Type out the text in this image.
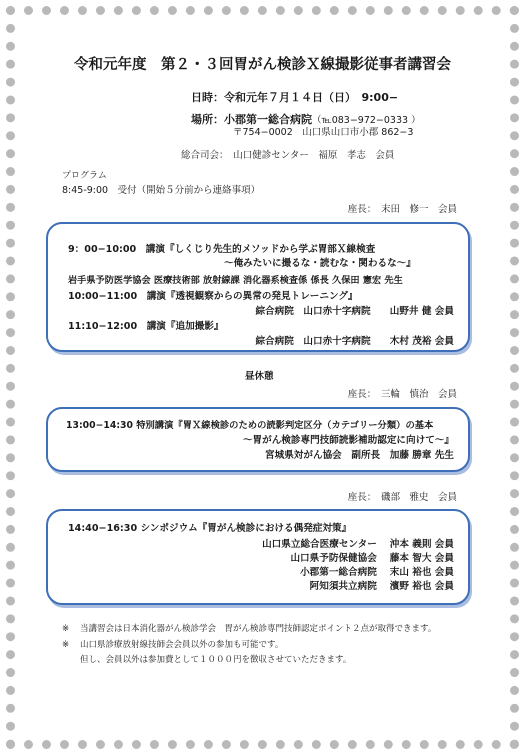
令和元年度　第２・３回胃がん検診Ｘ線撮影従事者講習会
日時：令和元年７月１４日（日）　9:00−
場所：小郡第一総合病院（℡083−972−0333 ）
〒754−0002　山口県山口市小郡 862−3
総合司会：　山口健診センター　福原　孝志　会員
プログラム
8:45-9:00　受付（開始５分前から連絡事項）
座長：　末田　修一　会員
9：00−10:00　講演『しくじり先生的メソッドから学ぶ胃部Ｘ線検査
〜俺みたいに撮るな・読むな・関わるな〜』
岩手県予防医学協会 医療技術部 放射線課 消化器系検査係 係長 久保田 憲宏 先生
10:00−11:00　講演『透視観察からの異常の発見トレーニング』
綜合病院　山口赤十字病院　　山野井 健 会員
11:10−12:00　講演『追加撮影』
綜合病院　山口赤十字病院　　木村 茂裕 会員
昼休憩
座長：　三輪　慎治　会員
13:00−14:30 特別講演『胃Ｘ線検診のための読影判定区分（カテゴリー分類）の基本
〜胃がん検診専門技師読影補助認定に向けて〜』
宮城県対がん協会　副所長　加藤 勝章 先生
座長：　磯部　雅史　会員
14:40−16:30 シンポジウム『胃がん検診における偶発症対策』
山口県立総合医療センター　 沖本 義則 会員
山口県予防保健協会　 藤本 智大 会員
小郡第一総合病院　 末山 裕也 会員
阿知須共立病院　 濱野 裕也 会員
※ 当講習会は日本消化器がん検診学会　胃がん検診専門技師認定ポイント２点が取得できます。
※ 山口県診療放射線技師会会員以外の参加も可能です。
但し、会員以外は参加費として１０００円を徴収させていただきます。
